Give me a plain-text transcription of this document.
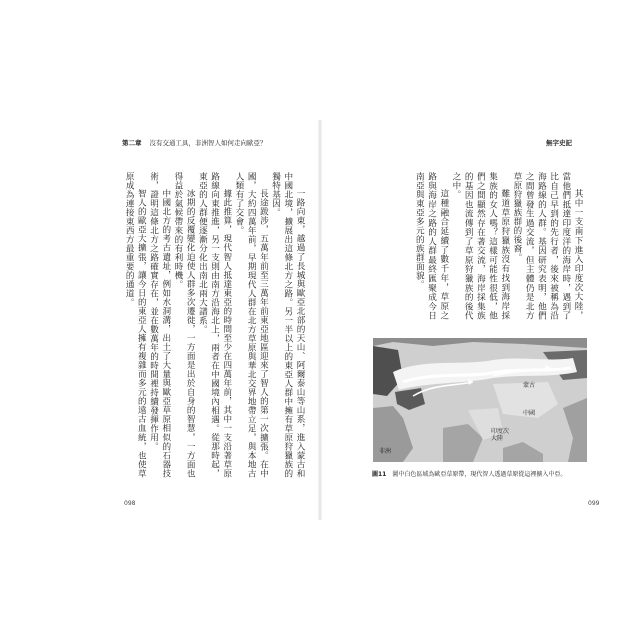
第二章 沒有交通工具，非洲智人如何走向歐亞？	無字史記

一路向東，越過了長城與歐亞北部的天山、阿爾泰山等山系，進入蒙古和中國北境，擴展出這條北方之路。另一半以上的東亞人群中擁有草原狩獵族的獨特基因。

長途跋涉，五萬年前至三萬年前東亞地區迎來了智人的第一次擴張。在中國，大約四萬年前，早期現代人群在北方草原與華北交界地帶立足，與本地古人類有了交會。

據此推算，現代智人抵達東亞的時間至少在四萬年前，其中一支沿著草原路線向東推進，另一支則由南方沿海北上，兩者在中國境內相遇。從那時起，東亞的人群便逐漸分化出南北兩大譜系。

冰期的反覆變化迫使人群多次遷徙，一方面是出於自身的智慧，一方面也得益於氣候帶來的有利時機。

中國北方的考古遺址，例如水洞溝，出土了大量與歐亞草原相似的石器技術，證明這條北方之路確實存在，並在數萬年的時間裡持續發揮作用。

智人的歐亞大擴張，讓今日的東亞人擁有複雜而多元的遠古血統，也使草原成為連接東西方最重要的通道。	其中一支南下進入印度次大陸，當他們抵達印度洋的海岸時，遇到了比自己早到的先行者，後來被稱為沿海路線的人群。基因研究表明，他們之間曾發生過交流，但主體仍是北方草原狩獵族群的後裔。

難道草原狩獵族沒有找到海岸採集族的女人嗎？這樣可能性很低，他們之間顯然存在著交流，海岸採集族的基因也流傳到了草原狩獵族的後代之中。

這種融合延續了數千年，草原之路與海岸之路的人群最終匯聚成今日南亞與東亞多元的族群面貌。

蒙古
中國
印度次大陸
非洲
圖11 圖中白色區域為歐亞草原帶，現代智人透過草原從這裡擴入中亞。
098	099
